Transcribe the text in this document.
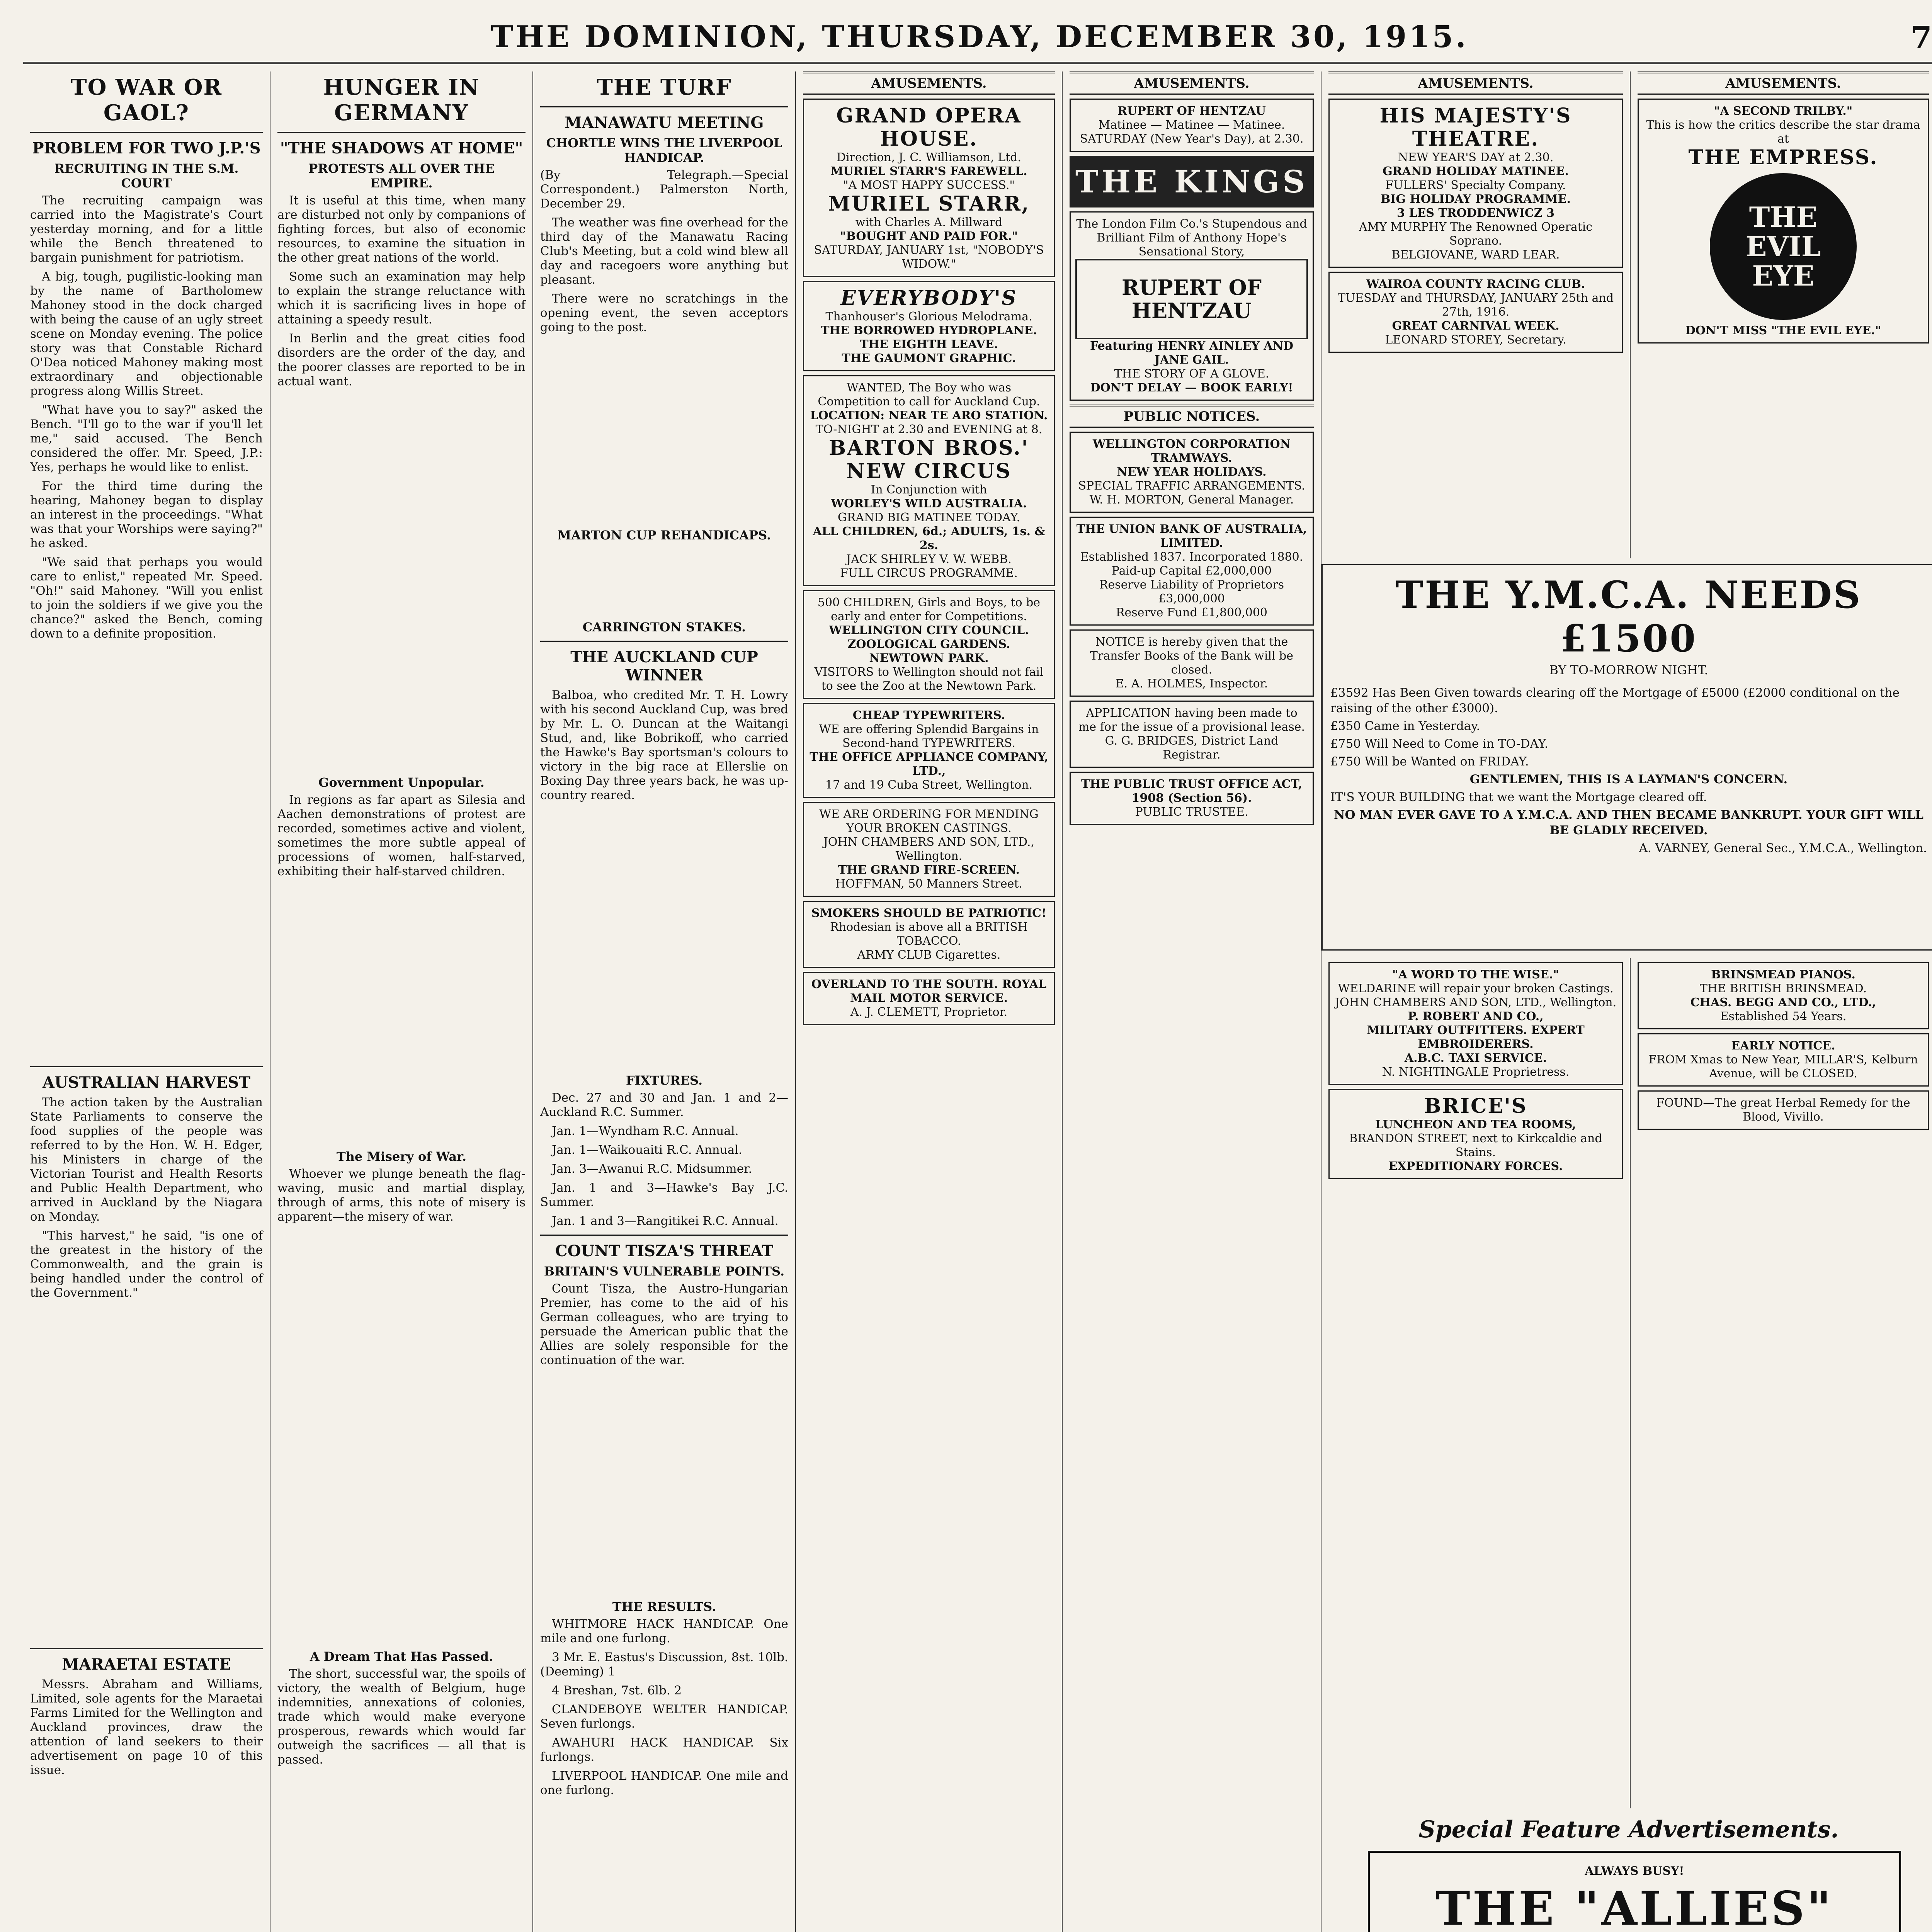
THE DOMINION, THURSDAY, DECEMBER 30, 1915.	7
TO WAR OR GAOL?
PROBLEM FOR TWO J.P.'S
RECRUITING IN THE S.M. COURT

The recruiting campaign was carried into the Magistrate's Court yesterday morning, and for a little while the Bench threatened to bargain punishment for patriotism.

A big, tough, pugilistic-looking man by the name of Bartholomew Mahoney stood in the dock charged with being the cause of an ugly street scene on Monday evening. The police story was that Constable Richard O'Dea noticed Mahoney making most extraordinary and objectionable progress along Willis Street.

"What have you to say?" asked the Bench. "I'll go to the war if you'll let me," said accused. The Bench considered the offer. Mr. Speed, J.P.: Yes, perhaps he would like to enlist.

For the third time during the hearing, Mahoney began to display an interest in the proceedings. "What was that your Worships were saying?" he asked.

"We said that perhaps you would care to enlist," repeated Mr. Speed. "Oh!" said Mahoney. "Will you enlist to join the soldiers if we give you the chance?" asked the Bench, coming down to a definite proposition.

AUSTRALIAN HARVEST

The action taken by the Australian State Parliaments to conserve the food supplies of the people was referred to by the Hon. W. H. Edger, his Ministers in charge of the Victorian Tourist and Health Resorts and Public Health Department, who arrived in Auckland by the Niagara on Monday.

"This harvest," he said, "is one of the greatest in the history of the Commonwealth, and the grain is being handled under the control of the Government."

MARAETAI ESTATE

Messrs. Abraham and Williams, Limited, sole agents for the Maraetai Farms Limited for the Wellington and Auckland provinces, draw the attention of land seekers to their advertisement on page 10 of this issue.

HUNGER IN GERMANY
"THE SHADOWS AT HOME"
PROTESTS ALL OVER THE EMPIRE.

It is useful at this time, when many are disturbed not only by companions of fighting forces, but also of economic resources, to examine the situation in the other great nations of the world.

Some such an examination may help to explain the strange reluctance with which it is sacrificing lives in hope of attaining a speedy result.

In Berlin and the great cities food disorders are the order of the day, and the poorer classes are reported to be in actual want.

Government Unpopular.

In regions as far apart as Silesia and Aachen demonstrations of protest are recorded, sometimes active and violent, sometimes the more subtle appeal of processions of women, half-starved, exhibiting their half-starved children.

The Misery of War.

Whoever we plunge beneath the flag-waving, music and martial display, through of arms, this note of misery is apparent—the misery of war.

A Dream That Has Passed.

The short, successful war, the spoils of victory, the wealth of Belgium, huge indemnities, annexations of colonies, trade which would make everyone prosperous, rewards which would far outweigh the sacrifices — all that is passed.

THE TURF
MANAWATU MEETING
CHORTLE WINS THE LIVERPOOL HANDICAP.

(By Telegraph.—Special Correspondent.) Palmerston North, December 29.

The weather was fine overhead for the third day of the Manawatu Racing Club's Meeting, but a cold wind blew all day and racegoers wore anything but pleasant.

There were no scratchings in the opening event, the seven acceptors going to the post.

MARTON CUP REHANDICAPS.
CARRINGTON STAKES.
THE AUCKLAND CUP WINNER

Balboa, who credited Mr. T. H. Lowry with his second Auckland Cup, was bred by Mr. L. O. Duncan at the Waitangi Stud, and, like Bobrikoff, who carried the Hawke's Bay sportsman's colours to victory in the big race at Ellerslie on Boxing Day three years back, he was up-country reared.

FIXTURES.

Dec. 27 and 30 and Jan. 1 and 2—Auckland R.C. Summer.

Jan. 1—Wyndham R.C. Annual.

Jan. 1—Waikouaiti R.C. Annual.

Jan. 3—Awanui R.C. Midsummer.

Jan. 1 and 3—Hawke's Bay J.C. Summer.

Jan. 1 and 3—Rangitikei R.C. Annual.

COUNT TISZA'S THREAT
BRITAIN'S VULNERABLE POINTS.

Count Tisza, the Austro-Hungarian Premier, has come to the aid of his German colleagues, who are trying to persuade the American public that the Allies are solely responsible for the continuation of the war.

THE RESULTS.

WHITMORE HACK HANDICAP. One mile and one furlong.

3 Mr. E. Eastus's Discussion, 8st. 10lb. (Deeming) 1

4 Breshan, 7st. 6lb. 2

CLANDEBOYE WELTER HANDICAP. Seven furlongs.

AWAHURI HACK HANDICAP. Six furlongs.

LIVERPOOL HANDICAP. One mile and one furlong.

AMUSEMENTS.
GRAND OPERA HOUSE.
Direction, J. C. Williamson, Ltd.
MURIEL STARR'S FAREWELL.
"A MOST HAPPY SUCCESS."
MURIEL STARR,
with Charles A. Millward
"BOUGHT AND PAID FOR."
SATURDAY, JANUARY 1st, "NOBODY'S WIDOW."
EVERYBODY'S
Thanhouser's Glorious Melodrama.
THE BORROWED HYDROPLANE.
THE EIGHTH LEAVE.
THE GAUMONT GRAPHIC.
WANTED, The Boy who was Competition to call for Auckland Cup.
LOCATION: NEAR TE ARO STATION.
TO-NIGHT at 2.30 and EVENING at 8.
BARTON BROS.' NEW CIRCUS
In Conjunction with
WORLEY'S WILD AUSTRALIA.
GRAND BIG MATINEE TODAY.
ALL CHILDREN, 6d.; ADULTS, 1s. & 2s.
JACK SHIRLEY V. W. WEBB.
FULL CIRCUS PROGRAMME.
500 CHILDREN, Girls and Boys, to be early and enter for Competitions.
WELLINGTON CITY COUNCIL.
ZOOLOGICAL GARDENS.
NEWTOWN PARK.
VISITORS to Wellington should not fail to see the Zoo at the Newtown Park.
CHEAP TYPEWRITERS.
WE are offering Splendid Bargains in Second-hand TYPEWRITERS.
THE OFFICE APPLIANCE COMPANY, LTD.,
17 and 19 Cuba Street, Wellington.
WE ARE ORDERING FOR MENDING YOUR BROKEN CASTINGS.
JOHN CHAMBERS AND SON, LTD., Wellington.
THE GRAND FIRE-SCREEN.
HOFFMAN, 50 Manners Street.
SMOKERS SHOULD BE PATRIOTIC!
Rhodesian is above all a BRITISH TOBACCO.
ARMY CLUB Cigarettes.
OVERLAND TO THE SOUTH. ROYAL MAIL MOTOR SERVICE.
A. J. CLEMETT, Proprietor.
AMUSEMENTS.
RUPERT OF HENTZAU
Matinee — Matinee — Matinee.
SATURDAY (New Year's Day), at 2.30.
THE KINGS
The London Film Co.'s Stupendous and Brilliant Film of Anthony Hope's Sensational Story,
RUPERT OF HENTZAU
Featuring HENRY AINLEY AND JANE GAIL.
THE STORY OF A GLOVE.
DON'T DELAY — BOOK EARLY!
PUBLIC NOTICES.
WELLINGTON CORPORATION TRAMWAYS.
NEW YEAR HOLIDAYS.
SPECIAL TRAFFIC ARRANGEMENTS.
W. H. MORTON, General Manager.
THE UNION BANK OF AUSTRALIA, LIMITED.
Established 1837. Incorporated 1880.
Paid-up Capital £2,000,000
Reserve Liability of Proprietors £3,000,000
Reserve Fund £1,800,000
NOTICE is hereby given that the Transfer Books of the Bank will be closed.
E. A. HOLMES, Inspector.
APPLICATION having been made to me for the issue of a provisional lease.
G. G. BRIDGES, District Land Registrar.
THE PUBLIC TRUST OFFICE ACT, 1908 (Section 56).
PUBLIC TRUSTEE.
AMUSEMENTS.
HIS MAJESTY'S THEATRE.
NEW YEAR'S DAY at 2.30.
GRAND HOLIDAY MATINEE.
FULLERS' Specialty Company.
BIG HOLIDAY PROGRAMME.
3 LES TRODDENWICZ 3
AMY MURPHY The Renowned Operatic Soprano.
BELGIOVANE, WARD LEAR.
WAIROA COUNTY RACING CLUB.
TUESDAY and THURSDAY, JANUARY 25th and 27th, 1916.
GREAT CARNIVAL WEEK.
LEONARD STOREY, Secretary.
AMUSEMENTS.
"A SECOND TRILBY."
This is how the critics describe the star drama at
THE EMPRESS.
THE EVIL EYE
DON'T MISS "THE EVIL EYE."
THE Y.M.C.A. NEEDS £1500
BY TO-MORROW NIGHT.

£3592 Has Been Given towards clearing off the Mortgage of £5000 (£2000 conditional on the raising of the other £3000).

£350 Came in Yesterday.

£750 Will Need to Come in TO-DAY.

£750 Will be Wanted on FRIDAY.

GENTLEMEN, THIS IS A LAYMAN'S CONCERN.

IT'S YOUR BUILDING that we want the Mortgage cleared off.

NO MAN EVER GAVE TO A Y.M.C.A. AND THEN BECAME BANKRUPT. YOUR GIFT WILL BE GLADLY RECEIVED.

A. VARNEY, General Sec., Y.M.C.A., Wellington.

"A WORD TO THE WISE."
WELDARINE will repair your broken Castings.
JOHN CHAMBERS AND SON, LTD., Wellington.
P. ROBERT AND CO.,
MILITARY OUTFITTERS. EXPERT EMBROIDERERS.
A.B.C. TAXI SERVICE.
N. NIGHTINGALE Proprietress.
BRICE'S
LUNCHEON AND TEA ROOMS,
BRANDON STREET, next to Kirkcaldie and Stains.
EXPEDITIONARY FORCES.
BRINSMEAD PIANOS.
THE BRITISH BRINSMEAD.
CHAS. BEGG AND CO., LTD.,
Established 54 Years.
EARLY NOTICE.
FROM Xmas to New Year, MILLAR'S, Kelburn Avenue, will be CLOSED.
FOUND—The great Herbal Remedy for the Blood, Vivillo.
Special Feature Advertisements.
ALWAYS BUSY!
THE "ALLIES"
